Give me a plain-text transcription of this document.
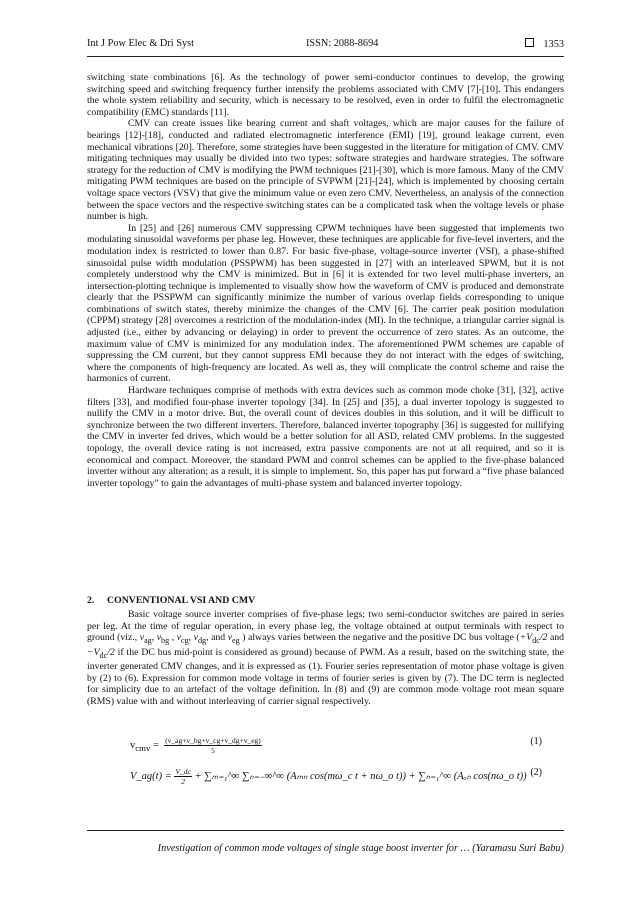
Int J Pow Elec & Dri Syst	ISSN: 2088-8694	1353

switching state combinations [6]. As the technology of power semi-conductor continues to develop, the growing switching speed and switching frequency further intensify the problems associated with CMV [7]-[10]. This endangers the whole system reliability and security, which is necessary to be resolved, even in order to fulfil the electromagnetic compatibility (EMC) standards [11].

CMV can create issues like bearing current and shaft voltages, which are major causes for the failure of bearings [12]-[18], conducted and radiated electromagnetic interference (EMI) [19], ground leakage current, even mechanical vibrations [20]. Therefore, some strategies have been suggested in the literature for mitigation of CMV. CMV mitigating techniques may usually be divided into two types: software strategies and hardware strategies. The software strategy for the reduction of CMV is modifying the PWM techniques [21]-[30], which is more famous. Many of the CMV mitigating PWM techniques are based on the principle of SVPWM [21]-[24], which is implemented by choosing certain voltage space vectors (VSV) that give the minimum value or even zero CMV. Nevertheless, an analysis of the connection between the space vectors and the respective switching states can be a complicated task when the voltage levels or phase number is high.

In [25] and [26] numerous CMV suppressing CPWM techniques have been suggested that implements two modulating sinusoidal waveforms per phase leg. However, these techniques are applicable for five-level inverters, and the modulation index is restricted to lower than 0.87. For basic five-phase, voltage-source inverter (VSI), a phase-shifted sinusoidal pulse width modulation (PSSPWM) has been suggested in [27] with an interleaved SPWM, but it is not completely understood why the CMV is minimized. But in [6] it is extended for two level multi-phase inverters, an intersection-plotting technique is implemented to visually show how the waveform of CMV is produced and demonstrate clearly that the PSSPWM can significantly minimize the number of various overlap fields corresponding to unique combinations of switch states, thereby minimize the changes of the CMV [6]. The carrier peak position modulation (CPPM) strategy [28] overcomes a restriction of the modulation-index (MI). In the technique, a triangular carrier signal is adjusted (i.e., either by advancing or delaying) in order to prevent the occurrence of zero states. As an outcome, the maximum value of CMV is minimized for any modulation index. The aforementioned PWM schemes are capable of suppressing the CM current, but they cannot suppress EMI because they do not interact with the edges of switching, where the components of high-frequency are located. As well as, they will complicate the control scheme and raise the harmonics of current.

Hardware techniques comprise of methods with extra devices such as common mode choke [31], [32], active filters [33], and modified four-phase inverter topology [34]. In [25] and [35], a dual inverter topology is suggested to nullify the CMV in a motor drive. But, the overall count of devices doubles in this solution, and it will be difficult to synchronize between the two different inverters. Therefore, balanced inverter topography [36] is suggested for nullifying the CMV in inverter fed drives, which would be a better solution for all ASD, related CMV problems. In the suggested topology, the overall device rating is not increased, extra passive components are not at all required, and so it is economical and compact. Moreover, the standard PWM and control schemes can be applied to the five-phase balanced inverter without any alteration; as a result, it is simple to implement. So, this paper has put forward a “five phase balanced inverter topology” to gain the advantages of multi-phase system and balanced inverter topology.

2. CONVENTIONAL VSI AND CMV

Basic voltage source inverter comprises of five-phase legs; two semi-conductor switches are paired in series per leg. At the time of regular operation, in every phase leg, the voltage obtained at output terminals with respect to ground (viz., $v_{ag}$, $v_{bg}$ , $v_{cg}$, $v_{dg}$, and $v_{eg}$ ) always varies between the negative and the positive DC bus voltage ($+V_{dc}/2$ and $-V_{dc}/2$ if the DC bus mid-point is considered as ground) because of PWM. As a result, based on the switching state, the inverter generated CMV changes, and it is expressed as (1). Fourier series representation of motor phase voltage is given by (2) to (6). Expression for common mode voltage in terms of fourier series is given by (7). The DC term is neglected for simplicity due to an artefact of the voltage definition. In (8) and (9) are common mode voltage root mean square (RMS) value with and without interleaving of carrier signal respectively.

$v_{cmv} = \frac{(v\_ag+v\_bg+v\_cg+v\_dg+v\_eg)}{5}$	(1)
V_ag(t) = $\frac{V\_dc}{2}$ + ∑ₘ₌₁^∞ ∑ₙ₌₋∞^∞ (Aₘₙ cos(mω_c t + nω_o t)) + ∑ₙ₌₁^∞ (Aₒₙ cos(nω_o t)) (2)
Investigation of common mode voltages of single stage boost inverter for … (Yaramasu Suri Babu)
